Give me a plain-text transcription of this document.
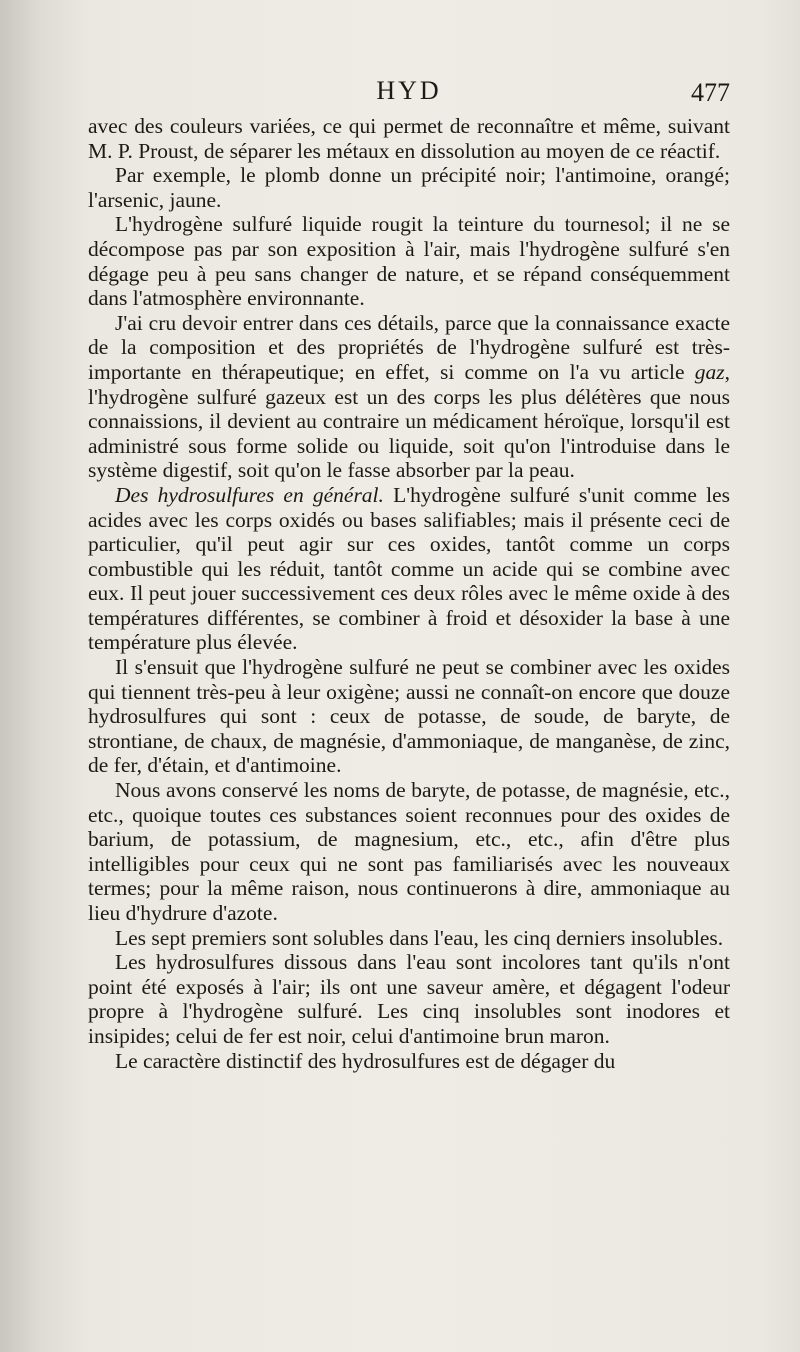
HYD	477

avec des couleurs variées, ce qui permet de reconnaître et même, suivant M. P. Proust, de séparer les métaux en dissolution au moyen de ce réactif.

Par exemple, le plomb donne un précipité noir; l'antimoine, orangé; l'arsenic, jaune.

L'hydrogène sulfuré liquide rougit la teinture du tournesol; il ne se décompose pas par son exposition à l'air, mais l'hydrogène sulfuré s'en dégage peu à peu sans changer de nature, et se répand conséquemment dans l'atmosphère environnante.

J'ai cru devoir entrer dans ces détails, parce que la connaissance exacte de la composition et des propriétés de l'hydrogène sulfuré est très-importante en thérapeutique; en effet, si comme on l'a vu article gaz, l'hydrogène sulfuré gazeux est un des corps les plus délétères que nous connaissions, il devient au contraire un médicament héroïque, lorsqu'il est administré sous forme solide ou liquide, soit qu'on l'introduise dans le système digestif, soit qu'on le fasse absorber par la peau.

Des hydrosulfures en général. L'hydrogène sulfuré s'unit comme les acides avec les corps oxidés ou bases salifiables; mais il présente ceci de particulier, qu'il peut agir sur ces oxides, tantôt comme un corps combustible qui les réduit, tantôt comme un acide qui se combine avec eux. Il peut jouer successivement ces deux rôles avec le même oxide à des températures différentes, se combiner à froid et désoxider la base à une température plus élevée.

Il s'ensuit que l'hydrogène sulfuré ne peut se combiner avec les oxides qui tiennent très-peu à leur oxigène; aussi ne connaît-on encore que douze hydrosulfures qui sont : ceux de potasse, de soude, de baryte, de strontiane, de chaux, de magnésie, d'ammoniaque, de manganèse, de zinc, de fer, d'étain, et d'antimoine.

Nous avons conservé les noms de baryte, de potasse, de magnésie, etc., etc., quoique toutes ces substances soient reconnues pour des oxides de barium, de potassium, de magnesium, etc., etc., afin d'être plus intelligibles pour ceux qui ne sont pas familiarisés avec les nouveaux termes; pour la même raison, nous continuerons à dire, ammoniaque au lieu d'hydrure d'azote.

Les sept premiers sont solubles dans l'eau, les cinq derniers insolubles.

Les hydrosulfures dissous dans l'eau sont incolores tant qu'ils n'ont point été exposés à l'air; ils ont une saveur amère, et dégagent l'odeur propre à l'hydrogène sulfuré. Les cinq insolubles sont inodores et insipides; celui de fer est noir, celui d'antimoine brun maron.

Le caractère distinctif des hydrosulfures est de dégager du
